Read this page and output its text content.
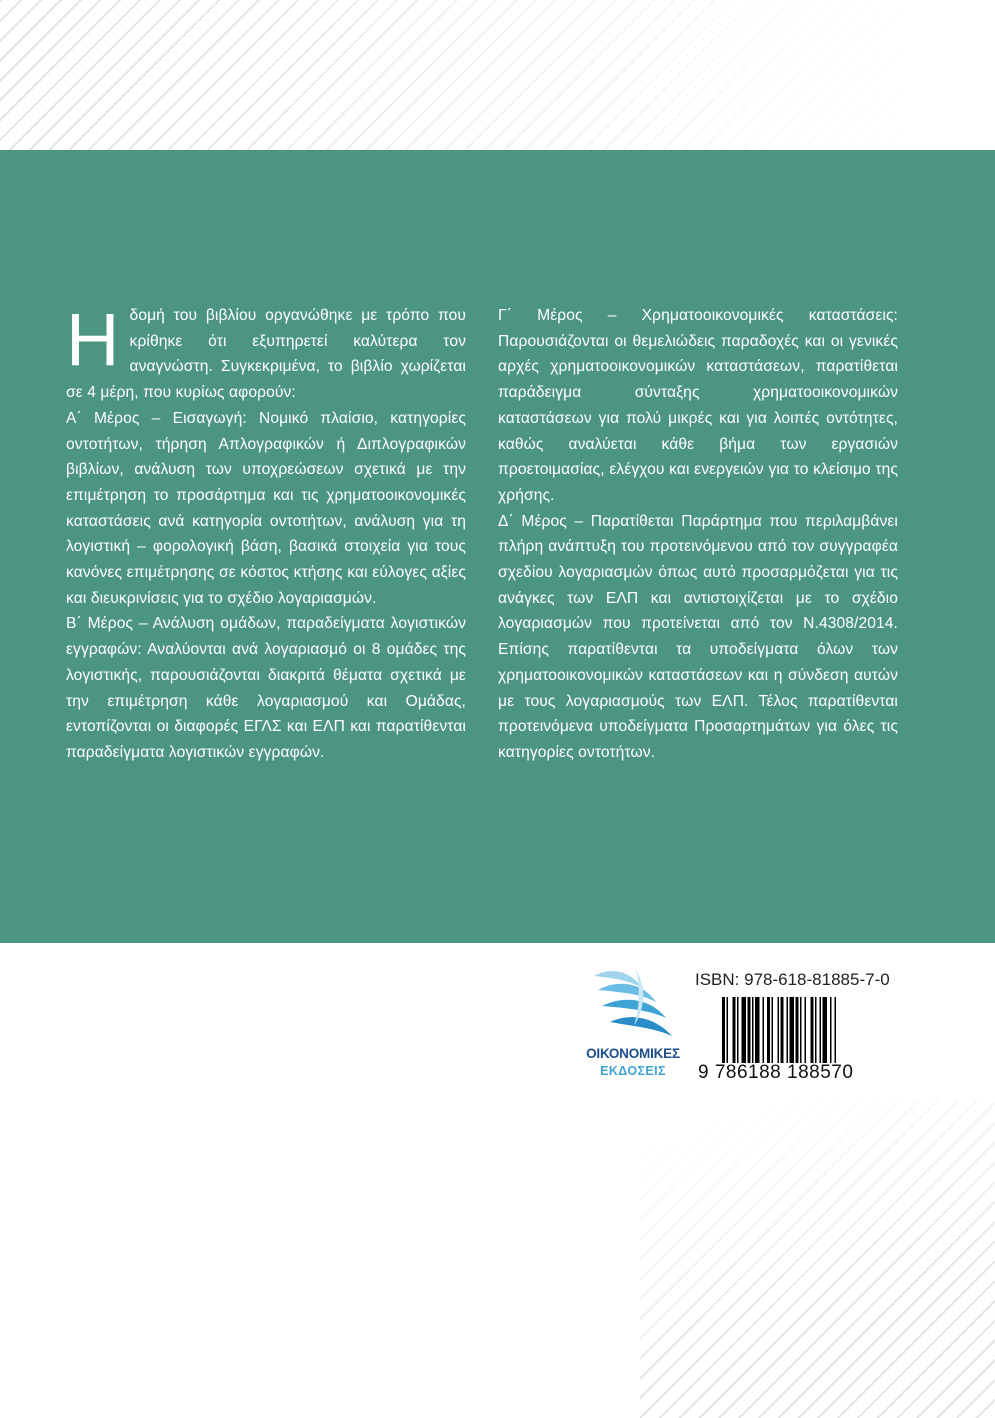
Ηδομή του βιβλίου οργανώθηκε με τρόπο που κρίθηκε ότι εξυπηρετεί καλύτερα τον αναγνώστη. Συγκεκριμένα, το βιβλίο χωρίζεται σε 4 μέρη, που κυρίως αφορούν:

Α΄ Μέρος – Εισαγωγή: Νομικό πλαίσιο, κατηγορίες οντοτήτων, τήρηση Απλογραφικών ή Διπλογραφικών βιβλίων, ανάλυση των υποχρεώσεων σχετικά με την επιμέτρηση το προσάρτημα και τις χρηματοοικονομικές καταστάσεις ανά κατηγορία οντοτήτων, ανάλυση για τη λογιστική – φορολογική βάση, βασικά στοιχεία για τους κανόνες επιμέτρησης σε κόστος κτήσης και εύλογες αξίες και διευκρινίσεις για το σχέδιο λογαριασμών.

Β΄ Μέρος – Ανάλυση ομάδων, παραδείγματα λογιστικών εγγραφών: Αναλύονται ανά λογαριασμό οι 8 ομάδες της λογιστικής, παρουσιάζονται διακριτά θέματα σχετικά με την επιμέτρηση κάθε λογαριασμού και Ομάδας, εντοπίζονται οι διαφορές ΕΓΛΣ και ΕΛΠ και παρατίθενται παραδείγματα λογιστικών εγγραφών.

Γ΄ Μέρος – Χρηματοοικονομικές καταστάσεις: Παρουσιάζονται οι θεμελιώδεις παραδοχές και οι γενικές αρχές χρηματοοικονομικών καταστάσεων, παρατίθεται παράδειγμα σύνταξης χρηματοοικονομικών καταστάσεων για πολύ μικρές και για λοιπές οντότητες, καθώς αναλύεται κάθε βήμα των εργασιών προετοιμασίας, ελέγχου και ενεργειών για το κλείσιμο της χρήσης.

Δ΄ Μέρος – Παρατίθεται Παράρτημα που περιλαμβάνει πλήρη ανάπτυξη του προτεινόμενου από τον συγγραφέα σχεδίου λογαριασμών όπως αυτό προσαρμόζεται για τις ανάγκες των ΕΛΠ και αντιστοιχίζεται με το σχέδιο λογαριασμών που προτείνεται από τον Ν.4308/2014. Επίσης παρατίθενται τα υποδείγματα όλων των χρηματοοικονομικών καταστάσεων και η σύνδεση αυτών με τους λογαριασμούς των ΕΛΠ. Τέλος παρατίθενται προτεινόμενα υποδείγματα Προσαρτημάτων για όλες τις κατηγορίες οντοτήτων.

ΟΙΚΟΝΟΜΙΚΕΣ
ΕΚΔΟΣΕΙΣ
ISBN: 978-618-81885-7-0
9 786188 188570
